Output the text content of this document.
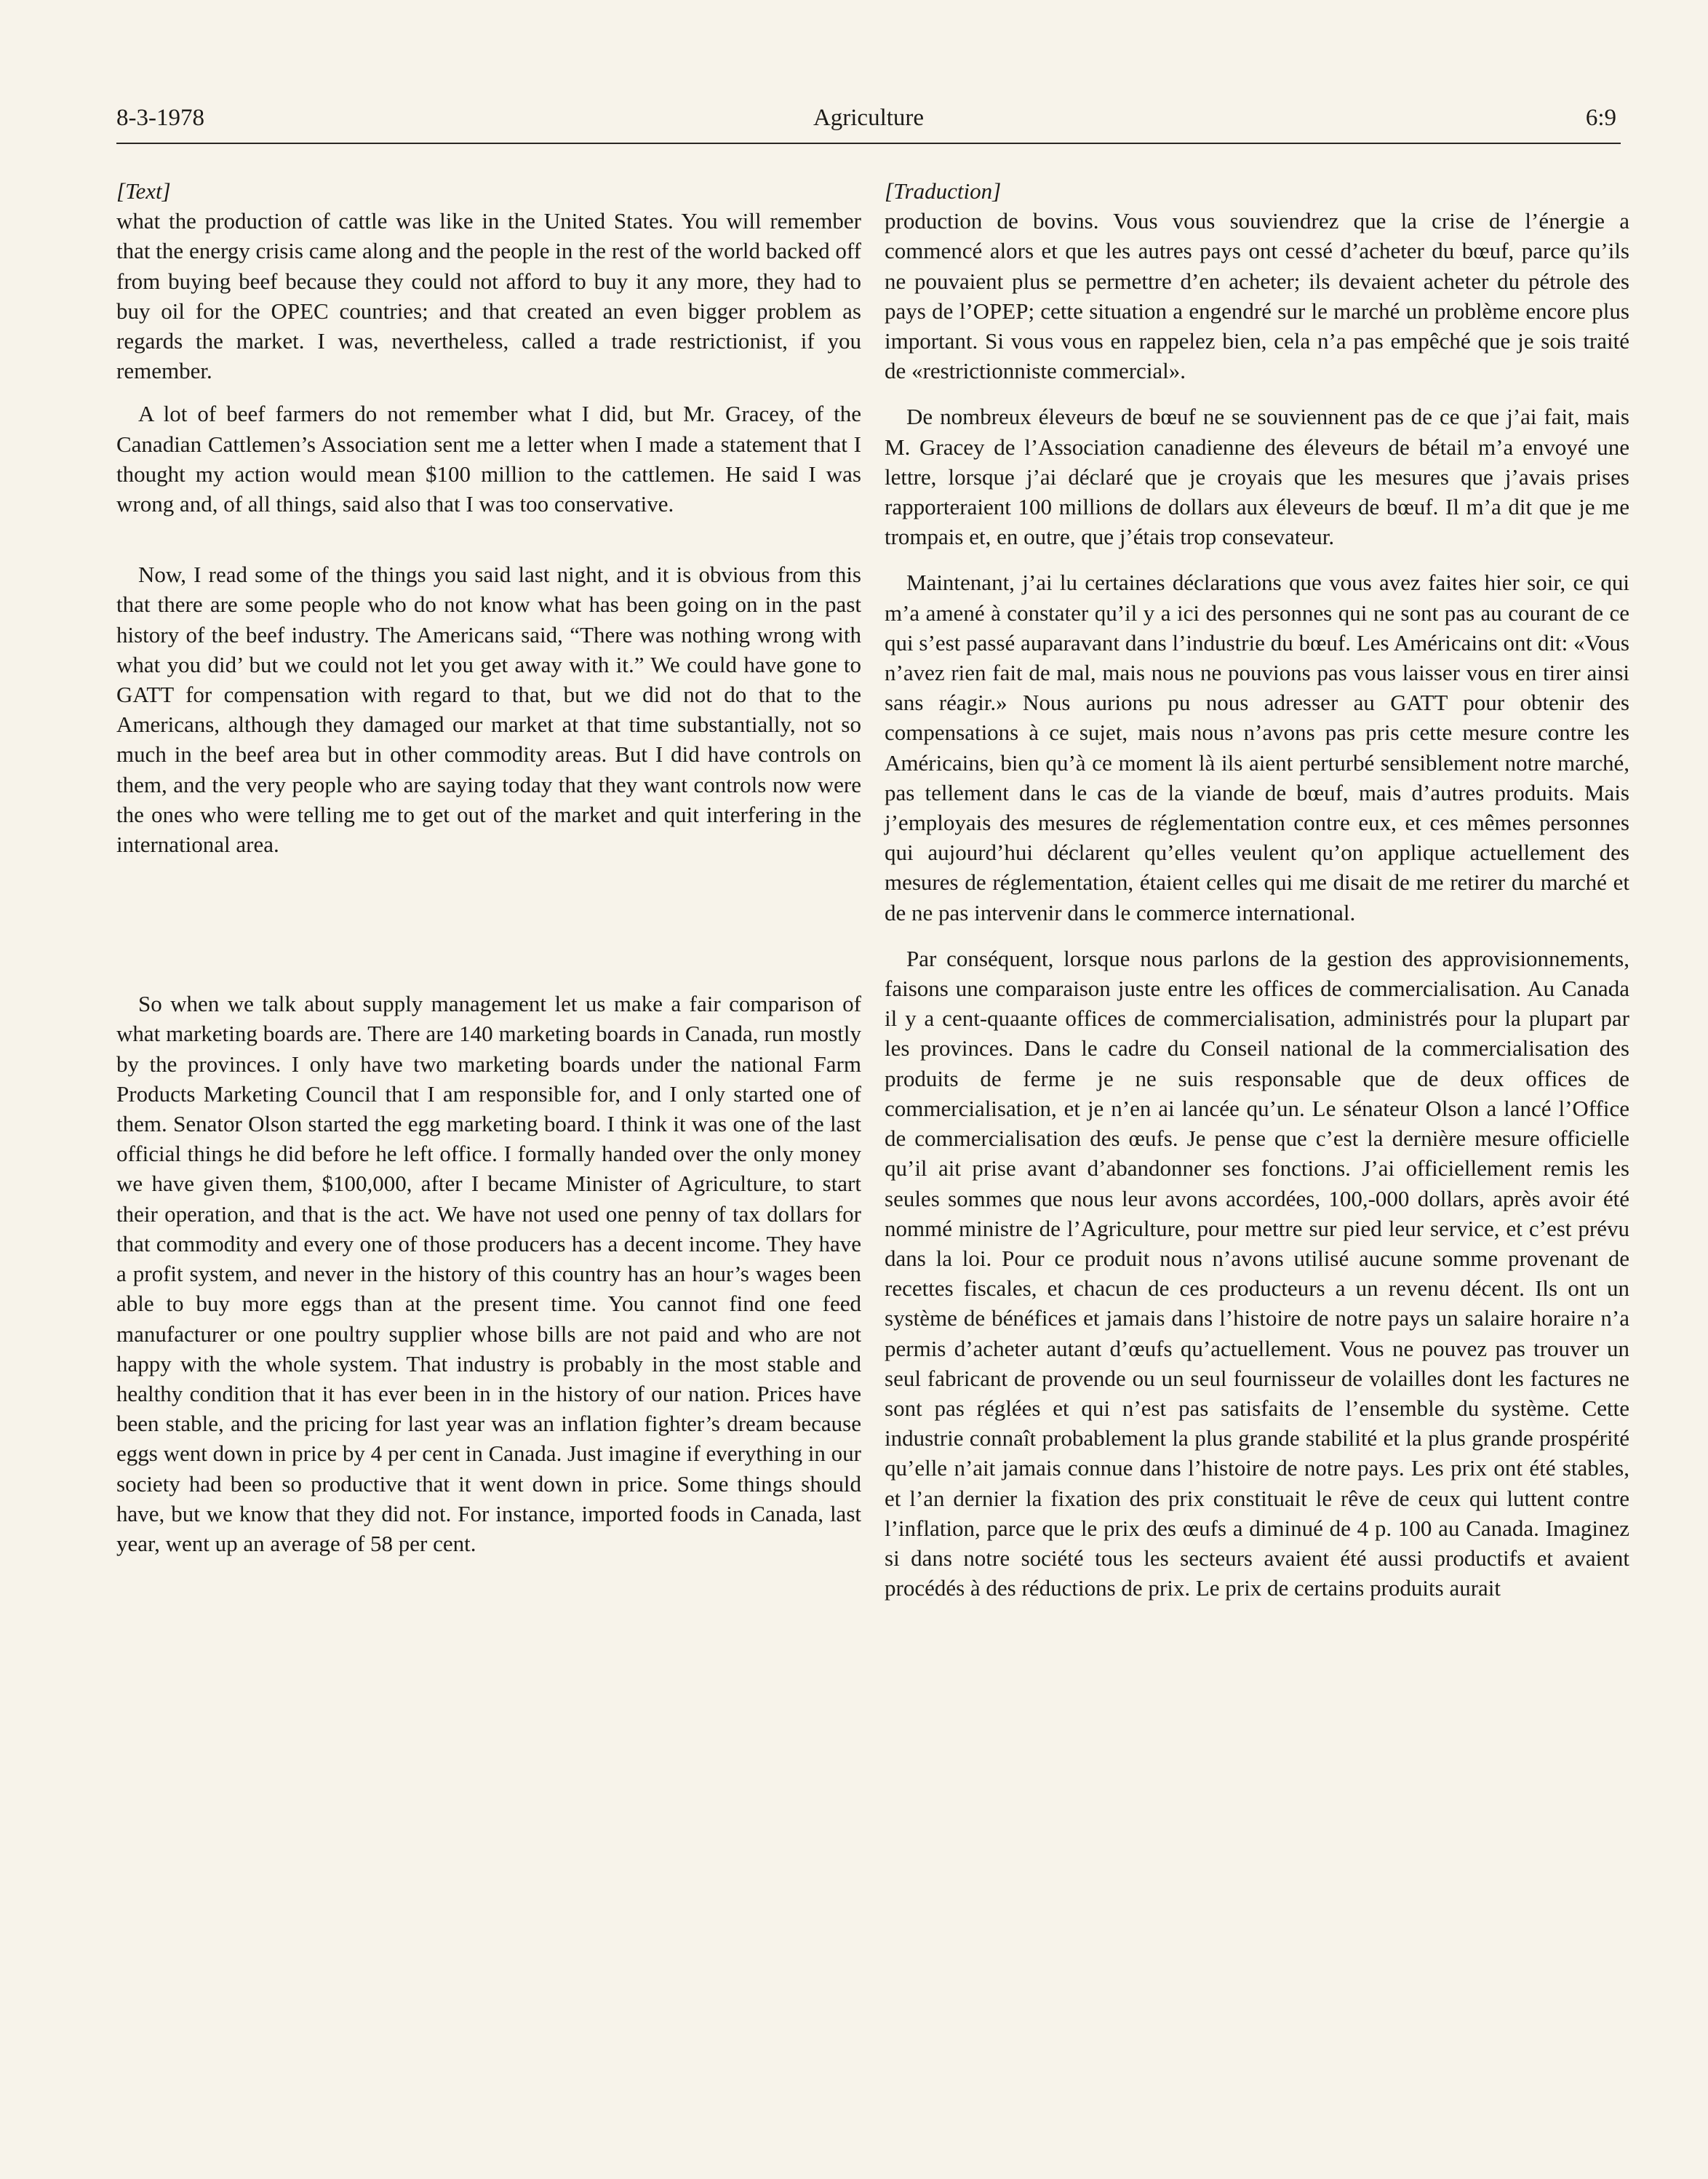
8-3-1978	Agriculture	6:9

[Text]

what the production of cattle was like in the United States. You will remember that the energy crisis came along and the people in the rest of the world backed off from buying beef because they could not afford to buy it any more, they had to buy oil for the OPEC countries; and that created an even bigger problem as regards the market. I was, nevertheless, called a trade restrictionist, if you remember.

A lot of beef farmers do not remember what I did, but Mr. Gracey, of the Canadian Cattlemen’s Association sent me a letter when I made a statement that I thought my action would mean $100 million to the cattlemen. He said I was wrong and, of all things, said also that I was too conservative.

Now, I read some of the things you said last night, and it is obvious from this that there are some people who do not know what has been going on in the past history of the beef industry. The Americans said, “There was nothing wrong with what you did’ but we could not let you get away with it.” We could have gone to GATT for compensation with regard to that, but we did not do that to the Americans, although they damaged our market at that time substantially, not so much in the beef area but in other commodity areas. But I did have controls on them, and the very people who are saying today that they want controls now were the ones who were telling me to get out of the market and quit interfering in the international area.

So when we talk about supply management let us make a fair comparison of what marketing boards are. There are 140 marketing boards in Canada, run mostly by the provinces. I only have two marketing boards under the national Farm Products Marketing Council that I am responsible for, and I only started one of them. Senator Olson started the egg marketing board. I think it was one of the last official things he did before he left office. I formally handed over the only money we have given them, $100,000, after I became Minister of Agriculture, to start their operation, and that is the act. We have not used one penny of tax dollars for that commodity and every one of those producers has a decent income. They have a profit system, and never in the history of this country has an hour’s wages been able to buy more eggs than at the present time. You cannot find one feed manufacturer or one poultry supplier whose bills are not paid and who are not happy with the whole system. That industry is probably in the most stable and healthy condition that it has ever been in in the history of our nation. Prices have been stable, and the pricing for last year was an inflation fighter’s dream because eggs went down in price by 4 per cent in Canada. Just imagine if everything in our society had been so productive that it went down in price. Some things should have, but we know that they did not. For instance, imported foods in Canada, last year, went up an average of 58 per cent.

[Traduction]

production de bovins. Vous vous souviendrez que la crise de l’énergie a commencé alors et que les autres pays ont cessé d’acheter du bœuf, parce qu’ils ne pouvaient plus se permettre d’en acheter; ils devaient acheter du pétrole des pays de l’OPEP; cette situation a engendré sur le marché un problème encore plus important. Si vous vous en rappelez bien, cela n’a pas empêché que je sois traité de «restrictionniste commercial».

De nombreux éleveurs de bœuf ne se souviennent pas de ce que j’ai fait, mais M. Gracey de l’Association canadienne des éleveurs de bétail m’a envoyé une lettre, lorsque j’ai déclaré que je croyais que les mesures que j’avais prises rapporteraient 100 millions de dollars aux éleveurs de bœuf. Il m’a dit que je me trompais et, en outre, que j’étais trop consevateur.

Maintenant, j’ai lu certaines déclarations que vous avez faites hier soir, ce qui m’a amené à constater qu’il y a ici des personnes qui ne sont pas au courant de ce qui s’est passé auparavant dans l’industrie du bœuf. Les Américains ont dit: «Vous n’avez rien fait de mal, mais nous ne pouvions pas vous laisser vous en tirer ainsi sans réagir.» Nous aurions pu nous adresser au GATT pour obtenir des compensations à ce sujet, mais nous n’avons pas pris cette mesure contre les Américains, bien qu’à ce moment là ils aient perturbé sensiblement notre marché, pas tellement dans le cas de la viande de bœuf, mais d’autres produits. Mais j’employais des mesures de réglementation contre eux, et ces mêmes personnes qui aujourd’hui déclarent qu’elles veulent qu’on applique actuellement des mesures de réglementation, étaient celles qui me disait de me retirer du marché et de ne pas intervenir dans le commerce international.

Par conséquent, lorsque nous parlons de la gestion des approvisionnements, faisons une comparaison juste entre les offices de commercialisation. Au Canada il y a cent-quaante offices de commercialisation, administrés pour la plupart par les provinces. Dans le cadre du Conseil national de la commercialisation des produits de ferme je ne suis responsable que de deux offices de commercialisation, et je n’en ai lancée qu’un. Le sénateur Olson a lancé l’Office de commercialisation des œufs. Je pense que c’est la dernière mesure officielle qu’il ait prise avant d’abandonner ses fonctions. J’ai officiellement remis les seules sommes que nous leur avons accordées, 100,-000 dollars, après avoir été nommé ministre de l’Agriculture, pour mettre sur pied leur service, et c’est prévu dans la loi. Pour ce produit nous n’avons utilisé aucune somme provenant de recettes fiscales, et chacun de ces producteurs a un revenu décent. Ils ont un système de bénéfices et jamais dans l’histoire de notre pays un salaire horaire n’a permis d’acheter autant d’œufs qu’actuellement. Vous ne pouvez pas trouver un seul fabricant de provende ou un seul fournisseur de volailles dont les factures ne sont pas réglées et qui n’est pas satisfaits de l’ensemble du système. Cette industrie connaît probablement la plus grande stabilité et la plus grande prospérité qu’elle n’ait jamais connue dans l’histoire de notre pays. Les prix ont été stables, et l’an dernier la fixation des prix constituait le rêve de ceux qui luttent contre l’inflation, parce que le prix des œufs a diminué de 4 p. 100 au Canada. Imaginez si dans notre société tous les secteurs avaient été aussi productifs et avaient procédés à des réductions de prix. Le prix de certains produits aurait
